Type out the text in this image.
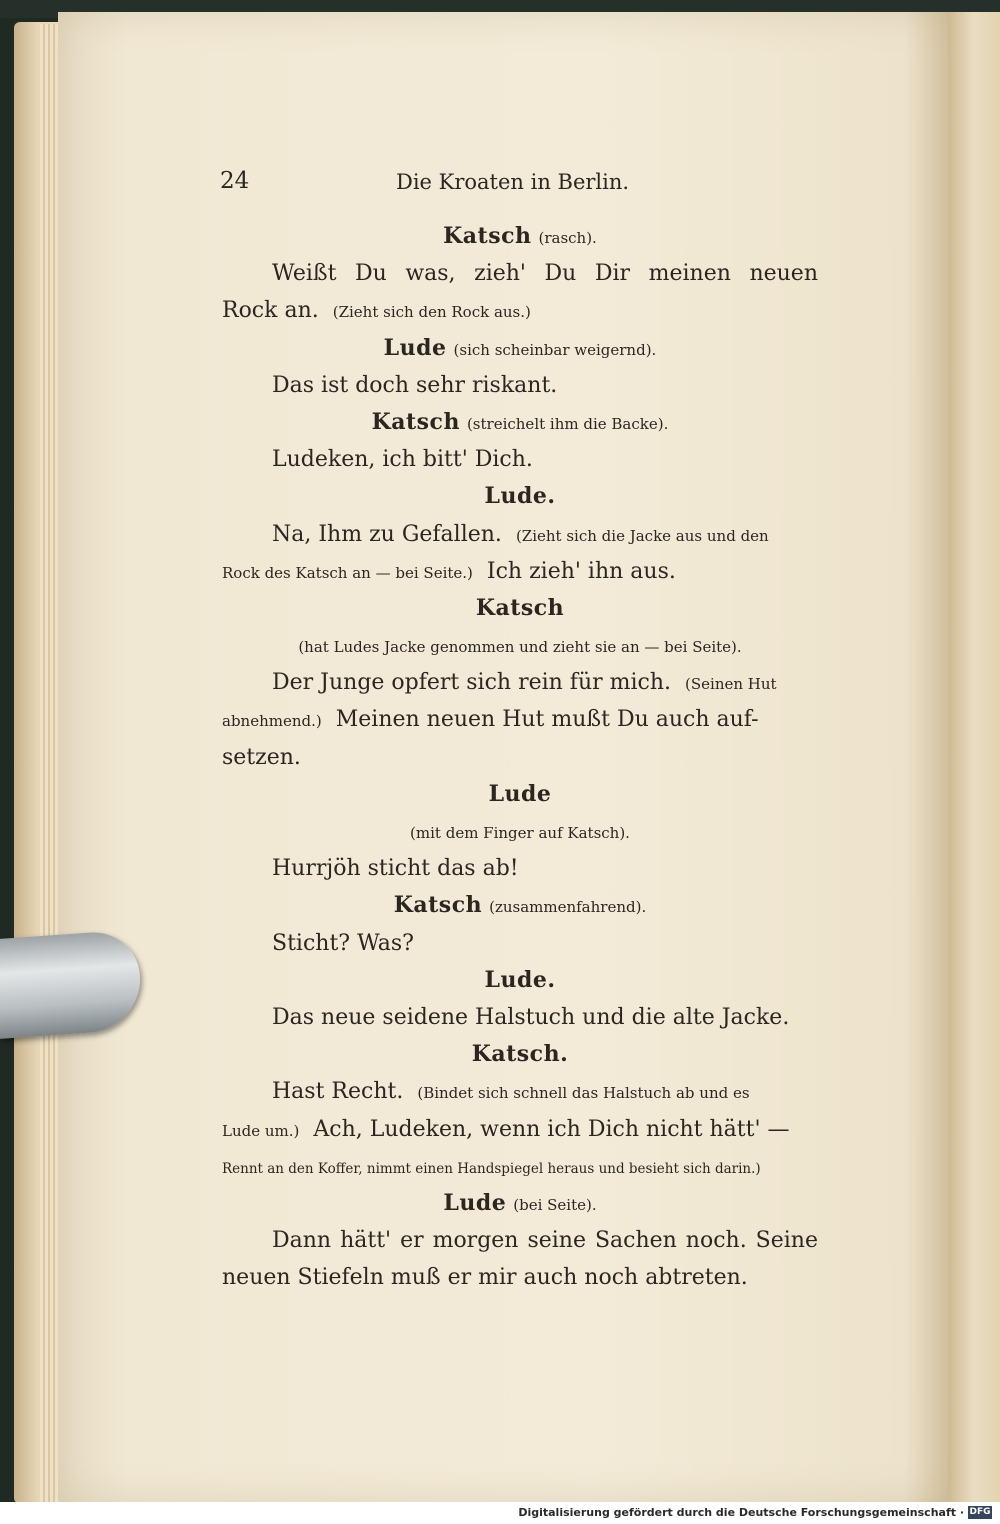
24	Die Kroaten in Berlin.
Katsch (rasch).
Weißt Du was, zieh' Du Dir meinen neuen
Rock an. (Zieht sich den Rock aus.)
Lude (sich scheinbar weigernd).
Das ist doch sehr riskant.
Katsch (streichelt ihm die Backe).
Ludeken, ich bitt' Dich.
Lude.
Na, Ihm zu Gefallen. (Zieht sich die Jacke aus und den
Rock des Katsch an — bei Seite.) Ich zieh' ihn aus.
Katsch
(hat Ludes Jacke genommen und zieht sie an — bei Seite).
Der Junge opfert sich rein für mich. (Seinen Hut
abnehmend.) Meinen neuen Hut mußt Du auch auf-
setzen.
Lude
(mit dem Finger auf Katsch).
Hurrjöh sticht das ab!
Katsch (zusammenfahrend).
Sticht? Was?
Lude.
Das neue seidene Halstuch und die alte Jacke.
Katsch.
Hast Recht. (Bindet sich schnell das Halstuch ab und es
Lude um.) Ach, Ludeken, wenn ich Dich nicht hätt' —
Rennt an den Koffer, nimmt einen Handspiegel heraus und besieht sich darin.)
Lude (bei Seite).
Dann hätt' er morgen seine Sachen noch. Seine
neuen Stiefeln muß er mir auch noch abtreten.
Digitalisierung gefördert durch die Deutsche Forschungsgemeinschaft · DFG
